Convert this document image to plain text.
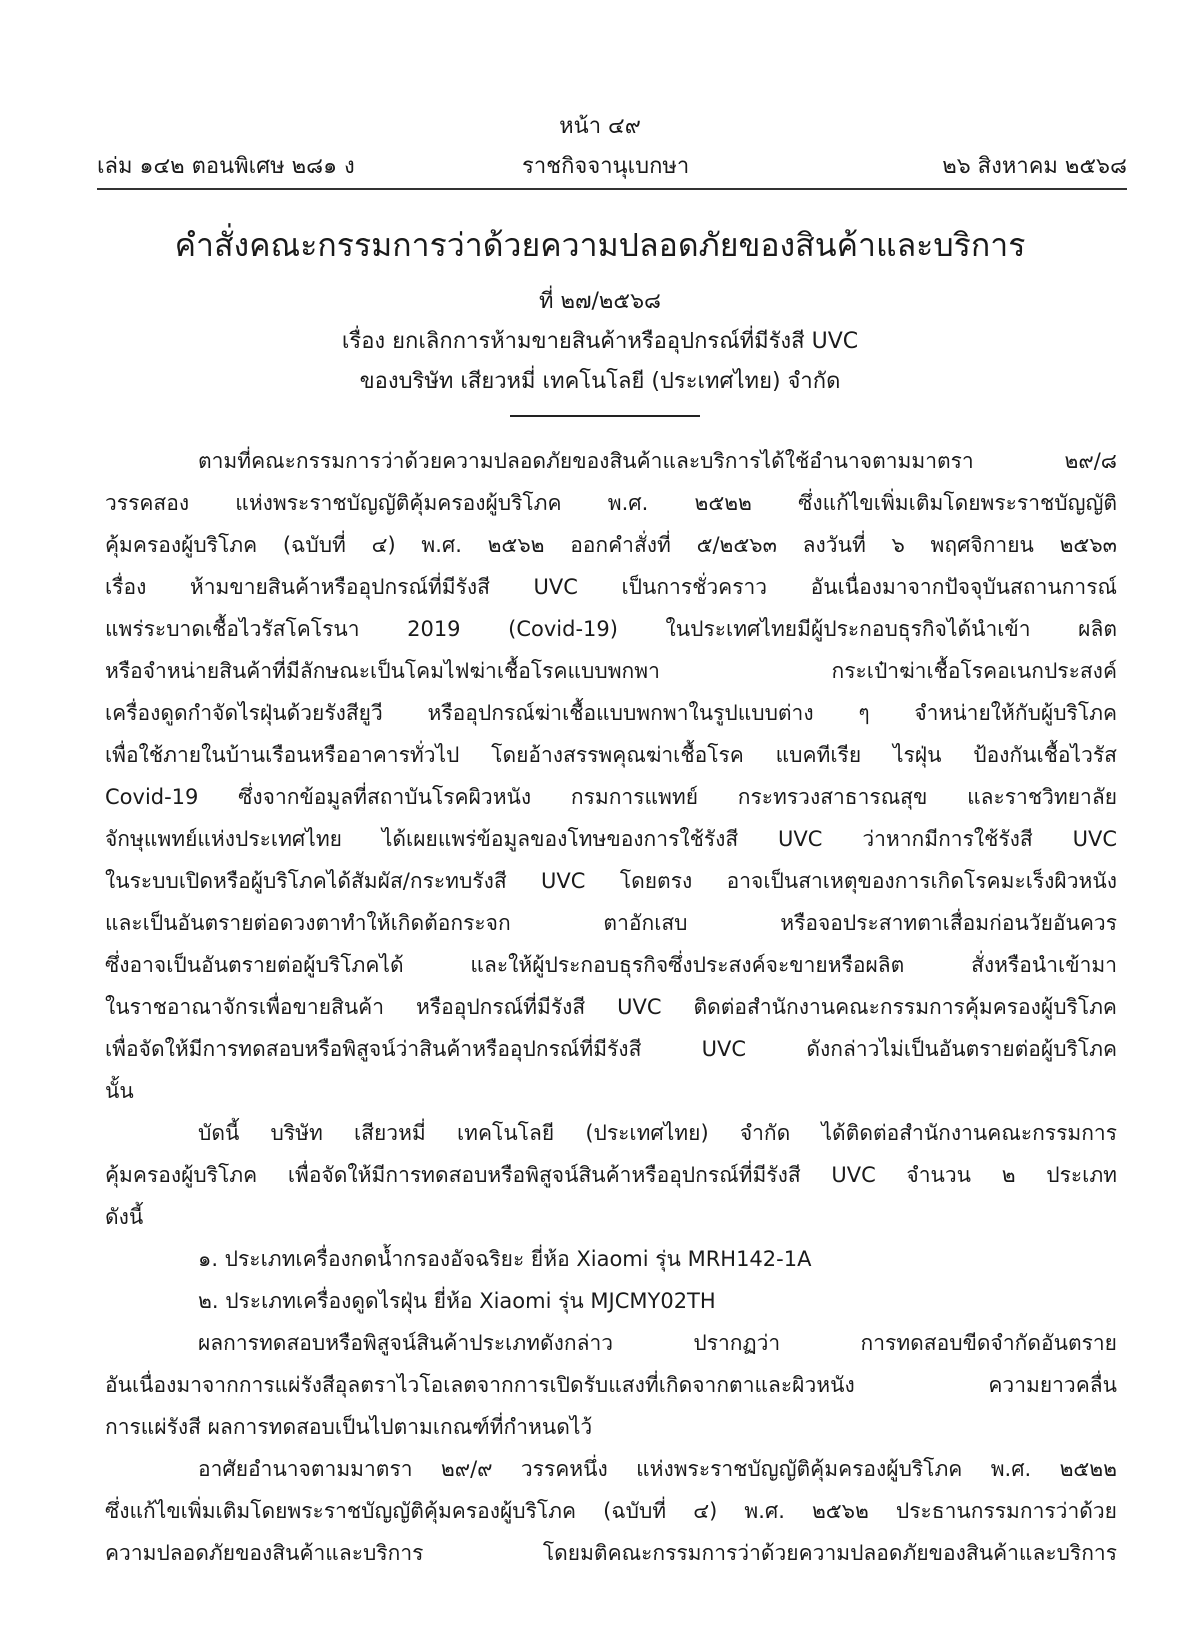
หน้า ๔๙
เล่ม ๑๔๒ ตอนพิเศษ ๒๘๑ ง	ราชกิจจานุเบกษา	๒๖ สิงหาคม ๒๕๖๘
คำสั่งคณะกรรมการว่าด้วยความปลอดภัยของสินค้าและบริการ
ที่ ๒๗/๒๕๖๘
เรื่อง ยกเลิกการห้ามขายสินค้าหรืออุปกรณ์ที่มีรังสี UVC
ของบริษัท เสียวหมี่ เทคโนโลยี (ประเทศไทย) จำกัด
ตามที่คณะกรรมการว่าด้วยความปลอดภัยของสินค้าและบริการได้ใช้อำนาจตามมาตรา ๒๙/๘
วรรคสอง แห่งพระราชบัญญัติคุ้มครองผู้บริโภค พ.ศ. ๒๕๒๒ ซึ่งแก้ไขเพิ่มเติมโดยพระราชบัญญัติ
คุ้มครองผู้บริโภค (ฉบับที่ ๔) พ.ศ. ๒๕๖๒ ออกคำสั่งที่ ๕/๒๕๖๓ ลงวันที่ ๖ พฤศจิกายน ๒๕๖๓
เรื่อง ห้ามขายสินค้าหรืออุปกรณ์ที่มีรังสี UVC เป็นการชั่วคราว อันเนื่องมาจากปัจจุบันสถานการณ์
แพร่ระบาดเชื้อไวรัสโคโรนา 2019 (Covid-19) ในประเทศไทยมีผู้ประกอบธุรกิจได้นำเข้า ผลิต
หรือจำหน่ายสินค้าที่มีลักษณะเป็นโคมไฟฆ่าเชื้อโรคแบบพกพา กระเป๋าฆ่าเชื้อโรคอเนกประสงค์
เครื่องดูดกำจัดไรฝุ่นด้วยรังสียูวี หรืออุปกรณ์ฆ่าเชื้อแบบพกพาในรูปแบบต่าง ๆ จำหน่ายให้กับผู้บริโภค
เพื่อใช้ภายในบ้านเรือนหรืออาคารทั่วไป โดยอ้างสรรพคุณฆ่าเชื้อโรค แบคทีเรีย ไรฝุ่น ป้องกันเชื้อไวรัส
Covid-19 ซึ่งจากข้อมูลที่สถาบันโรคผิวหนัง กรมการแพทย์ กระทรวงสาธารณสุข และราชวิทยาลัย
จักษุแพทย์แห่งประเทศไทย ได้เผยแพร่ข้อมูลของโทษของการใช้รังสี UVC ว่าหากมีการใช้รังสี UVC
ในระบบเปิดหรือผู้บริโภคได้สัมผัส/กระทบรังสี UVC โดยตรง อาจเป็นสาเหตุของการเกิดโรคมะเร็งผิวหนัง
และเป็นอันตรายต่อดวงตาทำให้เกิดต้อกระจก ตาอักเสบ หรือจอประสาทตาเสื่อมก่อนวัยอันควร
ซึ่งอาจเป็นอันตรายต่อผู้บริโภคได้ และให้ผู้ประกอบธุรกิจซึ่งประสงค์จะขายหรือผลิต สั่งหรือนำเข้ามา
ในราชอาณาจักรเพื่อขายสินค้า หรืออุปกรณ์ที่มีรังสี UVC ติดต่อสำนักงานคณะกรรมการคุ้มครองผู้บริโภค
เพื่อจัดให้มีการทดสอบหรือพิสูจน์ว่าสินค้าหรืออุปกรณ์ที่มีรังสี UVC ดังกล่าวไม่เป็นอันตรายต่อผู้บริโภค
นั้น
บัดนี้ บริษัท เสียวหมี่ เทคโนโลยี (ประเทศไทย) จำกัด ได้ติดต่อสำนักงานคณะกรรมการ
คุ้มครองผู้บริโภค เพื่อจัดให้มีการทดสอบหรือพิสูจน์สินค้าหรืออุปกรณ์ที่มีรังสี UVC จำนวน ๒ ประเภท
ดังนี้
๑. ประเภทเครื่องกดน้ำกรองอัจฉริยะ ยี่ห้อ Xiaomi รุ่น MRH142-1A
๒. ประเภทเครื่องดูดไรฝุ่น ยี่ห้อ Xiaomi รุ่น MJCMY02TH
ผลการทดสอบหรือพิสูจน์สินค้าประเภทดังกล่าว ปรากฏว่า การทดสอบขีดจำกัดอันตราย
อันเนื่องมาจากการแผ่รังสีอุลตราไวโอเลตจากการเปิดรับแสงที่เกิดจากตาและผิวหนัง ความยาวคลื่น
การแผ่รังสี ผลการทดสอบเป็นไปตามเกณฑ์ที่กำหนดไว้
อาศัยอำนาจตามมาตรา ๒๙/๙ วรรคหนึ่ง แห่งพระราชบัญญัติคุ้มครองผู้บริโภค พ.ศ. ๒๕๒๒
ซึ่งแก้ไขเพิ่มเติมโดยพระราชบัญญัติคุ้มครองผู้บริโภค (ฉบับที่ ๔) พ.ศ. ๒๕๖๒ ประธานกรรมการว่าด้วย
ความปลอดภัยของสินค้าและบริการ โดยมติคณะกรรมการว่าด้วยความปลอดภัยของสินค้าและบริการ
